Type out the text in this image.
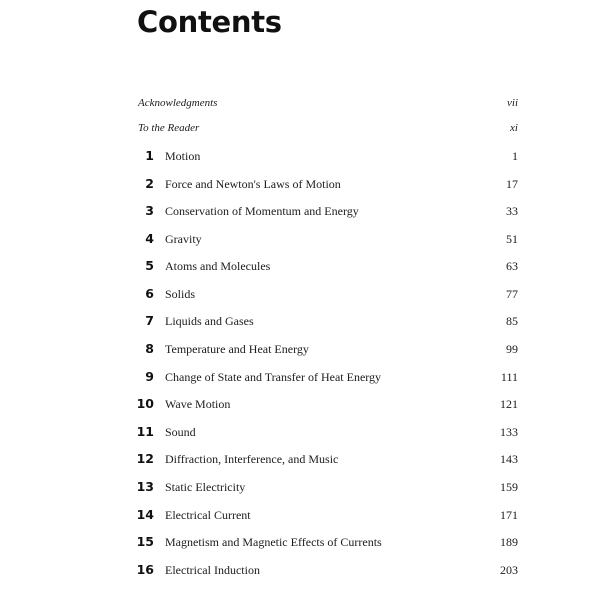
Contents
Acknowledgments	vii
To the Reader	xi
1 Motion	1
2 Force and Newton's Laws of Motion	17
3 Conservation of Momentum and Energy	33
4 Gravity	51
5 Atoms and Molecules	63
6 Solids	77
7 Liquids and Gases	85
8 Temperature and Heat Energy	99
9 Change of State and Transfer of Heat Energy	111
10 Wave Motion	121
11 Sound	133
12 Diffraction, Interference, and Music	143
13 Static Electricity	159
14 Electrical Current	171
15 Magnetism and Magnetic Effects of Currents	189
16 Electrical Induction	203
